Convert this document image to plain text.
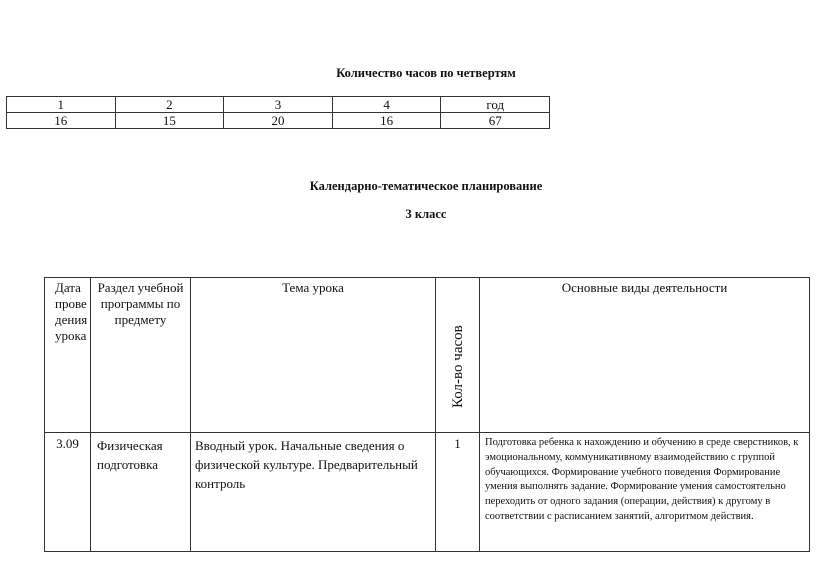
Количество часов по четвертям
1	2	3	4	год
16	15	20	16	67
Календарно-тематическое планирование
3 класс
Дата проведения урока	Раздел учебной программы по предмету	Тема урока	Кол-во часов	Основные виды деятельности
3.09	Физическая подготовка	Вводный урок. Начальные сведения о физической культуре. Предварительный контроль	1	Подготовка ребенка к нахождению и обучению в среде сверстников, к эмоциональному, коммуникативному взаимодействию с группой обучающихся. Формирование учебного поведения Формирование умения выполнять задание. Формирование умения самостоятельно переходить от одного задания (операции, действия) к другому в соответствии с расписанием занятий, алгоритмом действия.
